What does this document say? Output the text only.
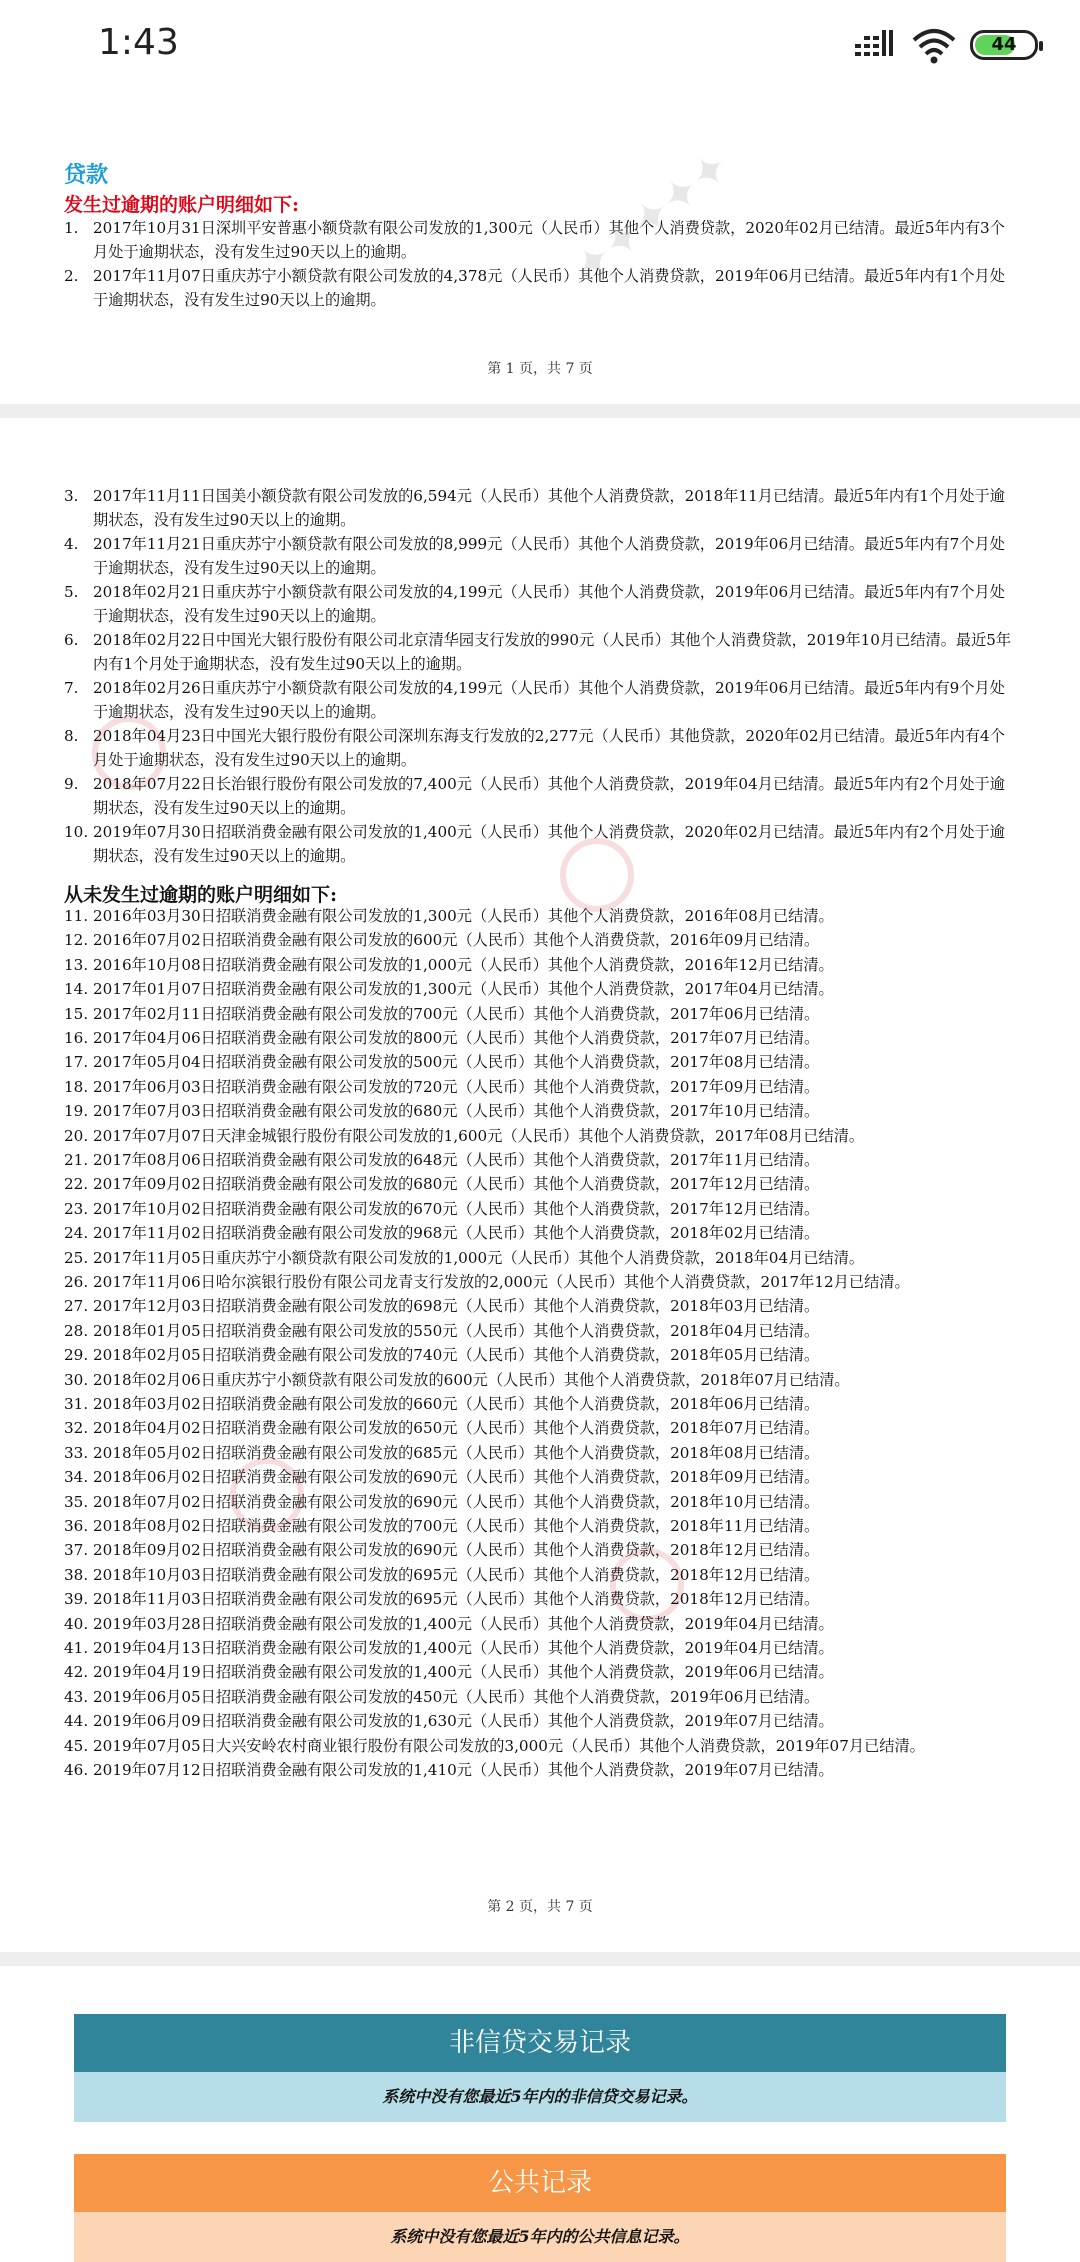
1:43	44
贷款
发生过逾期的账户明细如下:
1. 2017年10月31日深圳平安普惠小额贷款有限公司发放的1,300元（人民币）其他个人消费贷款，2020年02月已结清。最近5年内有3个月处于逾期状态，没有发生过90天以上的逾期。
2. 2017年11月07日重庆苏宁小额贷款有限公司发放的4,378元（人民币）其他个人消费贷款，2019年06月已结清。最近5年内有1个月处于逾期状态，没有发生过90天以上的逾期。
第 1 页，共 7 页
✦✦✦✦✦
从未发生过逾期的账户明细如下:
第 2 页，共 7 页
3. 2017年11月11日国美小额贷款有限公司发放的6,594元（人民币）其他个人消费贷款，2018年11月已结清。最近5年内有1个月处于逾期状态，没有发生过90天以上的逾期。
4. 2017年11月21日重庆苏宁小额贷款有限公司发放的8,999元（人民币）其他个人消费贷款，2019年06月已结清。最近5年内有7个月处于逾期状态，没有发生过90天以上的逾期。
5. 2018年02月21日重庆苏宁小额贷款有限公司发放的4,199元（人民币）其他个人消费贷款，2019年06月已结清。最近5年内有7个月处于逾期状态，没有发生过90天以上的逾期。
6. 2018年02月22日中国光大银行股份有限公司北京清华园支行发放的990元（人民币）其他个人消费贷款，2019年10月已结清。最近5年内有1个月处于逾期状态，没有发生过90天以上的逾期。
7. 2018年02月26日重庆苏宁小额贷款有限公司发放的4,199元（人民币）其他个人消费贷款，2019年06月已结清。最近5年内有9个月处于逾期状态，没有发生过90天以上的逾期。
8. 2018年04月23日中国光大银行股份有限公司深圳东海支行发放的2,277元（人民币）其他贷款，2020年02月已结清。最近5年内有4个月处于逾期状态，没有发生过90天以上的逾期。
9. 2018年07月22日长治银行股份有限公司发放的7,400元（人民币）其他个人消费贷款，2019年04月已结清。最近5年内有2个月处于逾期状态，没有发生过90天以上的逾期。
10. 2019年07月30日招联消费金融有限公司发放的1,400元（人民币）其他个人消费贷款，2020年02月已结清。最近5年内有2个月处于逾期状态，没有发生过90天以上的逾期。
11. 2016年03月30日招联消费金融有限公司发放的1,300元（人民币）其他个人消费贷款，2016年08月已结清。
12. 2016年07月02日招联消费金融有限公司发放的600元（人民币）其他个人消费贷款，2016年09月已结清。
13. 2016年10月08日招联消费金融有限公司发放的1,000元（人民币）其他个人消费贷款，2016年12月已结清。
14. 2017年01月07日招联消费金融有限公司发放的1,300元（人民币）其他个人消费贷款，2017年04月已结清。
15. 2017年02月11日招联消费金融有限公司发放的700元（人民币）其他个人消费贷款，2017年06月已结清。
16. 2017年04月06日招联消费金融有限公司发放的800元（人民币）其他个人消费贷款，2017年07月已结清。
17. 2017年05月04日招联消费金融有限公司发放的500元（人民币）其他个人消费贷款，2017年08月已结清。
18. 2017年06月03日招联消费金融有限公司发放的720元（人民币）其他个人消费贷款，2017年09月已结清。
19. 2017年07月03日招联消费金融有限公司发放的680元（人民币）其他个人消费贷款，2017年10月已结清。
20. 2017年07月07日天津金城银行股份有限公司发放的1,600元（人民币）其他个人消费贷款，2017年08月已结清。
21. 2017年08月06日招联消费金融有限公司发放的648元（人民币）其他个人消费贷款，2017年11月已结清。
22. 2017年09月02日招联消费金融有限公司发放的680元（人民币）其他个人消费贷款，2017年12月已结清。
23. 2017年10月02日招联消费金融有限公司发放的670元（人民币）其他个人消费贷款，2017年12月已结清。
24. 2017年11月02日招联消费金融有限公司发放的968元（人民币）其他个人消费贷款，2018年02月已结清。
25. 2017年11月05日重庆苏宁小额贷款有限公司发放的1,000元（人民币）其他个人消费贷款，2018年04月已结清。
26. 2017年11月06日哈尔滨银行股份有限公司龙青支行发放的2,000元（人民币）其他个人消费贷款，2017年12月已结清。
27. 2017年12月03日招联消费金融有限公司发放的698元（人民币）其他个人消费贷款，2018年03月已结清。
28. 2018年01月05日招联消费金融有限公司发放的550元（人民币）其他个人消费贷款，2018年04月已结清。
29. 2018年02月05日招联消费金融有限公司发放的740元（人民币）其他个人消费贷款，2018年05月已结清。
30. 2018年02月06日重庆苏宁小额贷款有限公司发放的600元（人民币）其他个人消费贷款，2018年07月已结清。
31. 2018年03月02日招联消费金融有限公司发放的660元（人民币）其他个人消费贷款，2018年06月已结清。
32. 2018年04月02日招联消费金融有限公司发放的650元（人民币）其他个人消费贷款，2018年07月已结清。
33. 2018年05月02日招联消费金融有限公司发放的685元（人民币）其他个人消费贷款，2018年08月已结清。
34. 2018年06月02日招联消费金融有限公司发放的690元（人民币）其他个人消费贷款，2018年09月已结清。
35. 2018年07月02日招联消费金融有限公司发放的690元（人民币）其他个人消费贷款，2018年10月已结清。
36. 2018年08月02日招联消费金融有限公司发放的700元（人民币）其他个人消费贷款，2018年11月已结清。
37. 2018年09月02日招联消费金融有限公司发放的690元（人民币）其他个人消费贷款，2018年12月已结清。
38. 2018年10月03日招联消费金融有限公司发放的695元（人民币）其他个人消费贷款，2018年12月已结清。
39. 2018年11月03日招联消费金融有限公司发放的695元（人民币）其他个人消费贷款，2018年12月已结清。
40. 2019年03月28日招联消费金融有限公司发放的1,400元（人民币）其他个人消费贷款，2019年04月已结清。
41. 2019年04月13日招联消费金融有限公司发放的1,400元（人民币）其他个人消费贷款，2019年04月已结清。
42. 2019年04月19日招联消费金融有限公司发放的1,400元（人民币）其他个人消费贷款，2019年06月已结清。
43. 2019年06月05日招联消费金融有限公司发放的450元（人民币）其他个人消费贷款，2019年06月已结清。
44. 2019年06月09日招联消费金融有限公司发放的1,630元（人民币）其他个人消费贷款，2019年07月已结清。
45. 2019年07月05日大兴安岭农村商业银行股份有限公司发放的3,000元（人民币）其他个人消费贷款，2019年07月已结清。
46. 2019年07月12日招联消费金融有限公司发放的1,410元（人民币）其他个人消费贷款，2019年07月已结清。
非信贷交易记录
系统中没有您最近5年内的非信贷交易记录。
公共记录
系统中没有您最近5年内的公共信息记录。
